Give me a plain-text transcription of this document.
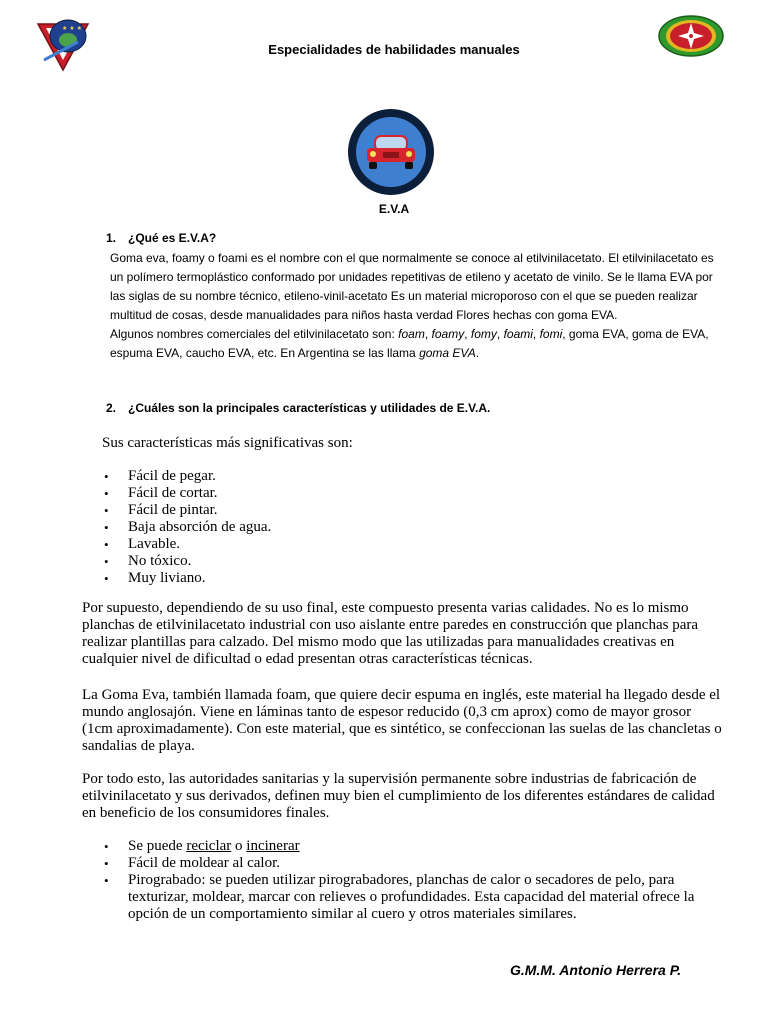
★ ★ ★
Especialidades de habilidades manuales
E.V.A
1. ¿Qué es E.V.A?
Goma eva, foamy o foami es el nombre con el que normalmente se conoce al etilvinilacetato. El etilvinilacetato es un polímero termoplástico conformado por unidades repetitivas de etileno y acetato de vinilo. Se le llama EVA por las siglas de su nombre técnico, etileno-vinil-acetato Es un material microporoso con el que se pueden realizar multitud de cosas, desde manualidades para niños hasta verdad Flores hechas con goma EVA.
Algunos nombres comerciales del etilvinilacetato son: foam, foamy, fomy, foami, fomi, goma EVA, goma de EVA, espuma EVA, caucho EVA, etc. En Argentina se las llama goma EVA.
2. ¿Cuáles son la principales características y utilidades de E.V.A.
Sus características más significativas son:
• Fácil de pegar.
• Fácil de cortar.
• Fácil de pintar.
• Baja absorción de agua.
• Lavable.
• No tóxico.
• Muy liviano.

Por supuesto, dependiendo de su uso final, este compuesto presenta varias calidades. No es lo mismo planchas de etilvinilacetato industrial con uso aislante entre paredes en construcción que planchas para realizar plantillas para calzado. Del mismo modo que las utilizadas para manualidades creativas en cualquier nivel de dificultad o edad presentan otras características técnicas.

La Goma Eva, también llamada foam, que quiere decir espuma en inglés, este material ha llegado desde el mundo anglosajón. Viene en láminas tanto de espesor reducido (0,3 cm aprox) como de mayor grosor (1cm aproximadamente). Con este material, que es sintético, se confeccionan las suelas de las chancletas o sandalias de playa.

Por todo esto, las autoridades sanitarias y la supervisión permanente sobre industrias de fabricación de etilvinilacetato y sus derivados, definen muy bien el cumplimiento de los diferentes estándares de calidad en beneficio de los consumidores finales.

• Se puede reciclar o incinerar
• Fácil de moldear al calor.
• Pirograbado: se pueden utilizar pirograbadores, planchas de calor o secadores de pelo, para texturizar, moldear, marcar con relieves o profundidades. Esta capacidad del material ofrece la opción de un comportamiento similar al cuero y otros materiales similares.
G.M.M. Antonio Herrera P.
